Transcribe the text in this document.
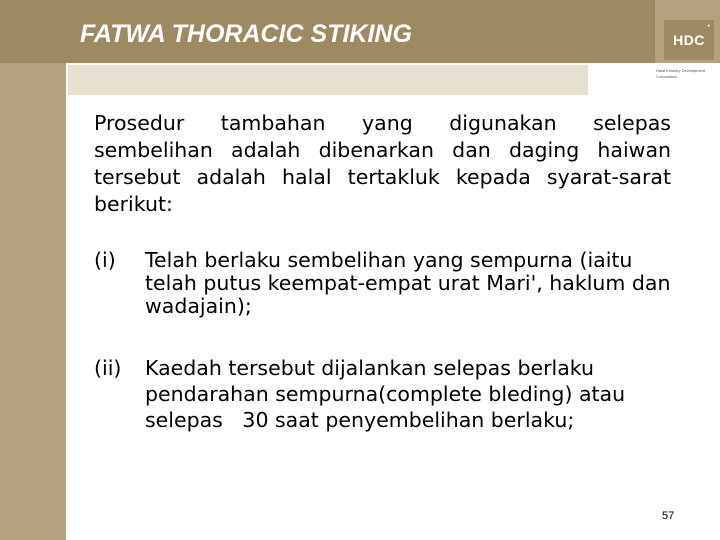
FATWA THORACIC STIKING	HDC
•
Halal Industry Development Corporation

Prosedur tambahan yang digunakan selepas sembelihan adalah dibenarkan dan daging haiwan tersebut adalah halal tertakluk kepada syarat-sarat berikut:

(i) Telah berlaku sembelihan yang sempurna (iaitu telah putus keempat-empat urat Mari', haklum dan wadajain);
(ii) Kaedah tersebut dijalankan selepas berlaku pendarahan sempurna(complete bleding) atau selepas   30 saat penyembelihan berlaku;
57
